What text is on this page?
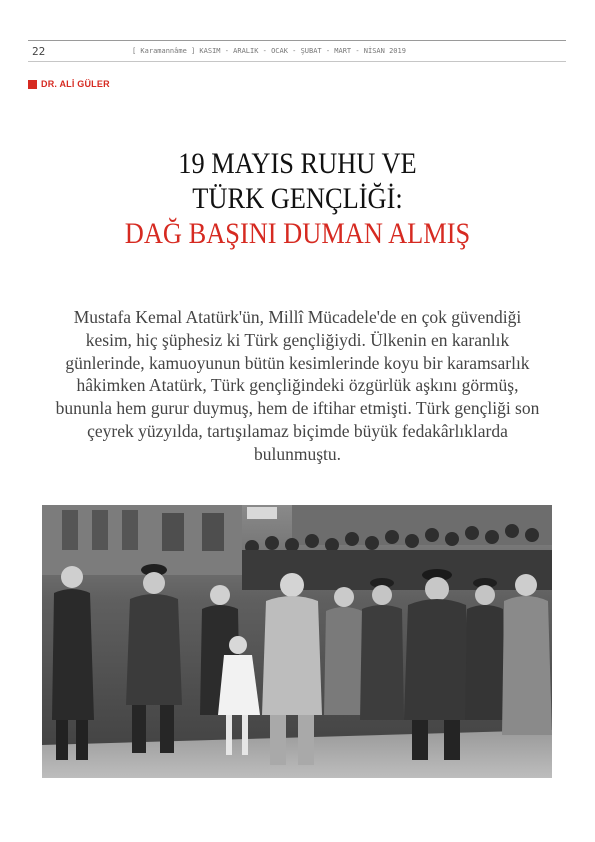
22	[ Karamannâme ] KASIM - ARALIK - OCAK - ŞUBAT - MART - NİSAN 2019
DR. ALİ GÜLER
19 MAYIS RUHU VE
TÜRK GENÇLİĞİ:
DAĞ BAŞINI DUMAN ALMIŞ

Mustafa Kemal Atatürk'ün, Millî Mücadele'de en çok güvendiği kesim, hiç şüphesiz ki Türk gençliğiydi. Ülkenin en karanlık günlerinde, kamuoyunun bütün kesimlerinde koyu bir karamsarlık hâkimken Atatürk, Türk gençliğindeki özgürlük aşkını görmüş, bununla hem gurur duymuş, hem de iftihar etmişti. Türk gençliği son çeyrek yüzyılda, tartışılamaz biçimde büyük fedakârlıklarda bulunmuştu.
